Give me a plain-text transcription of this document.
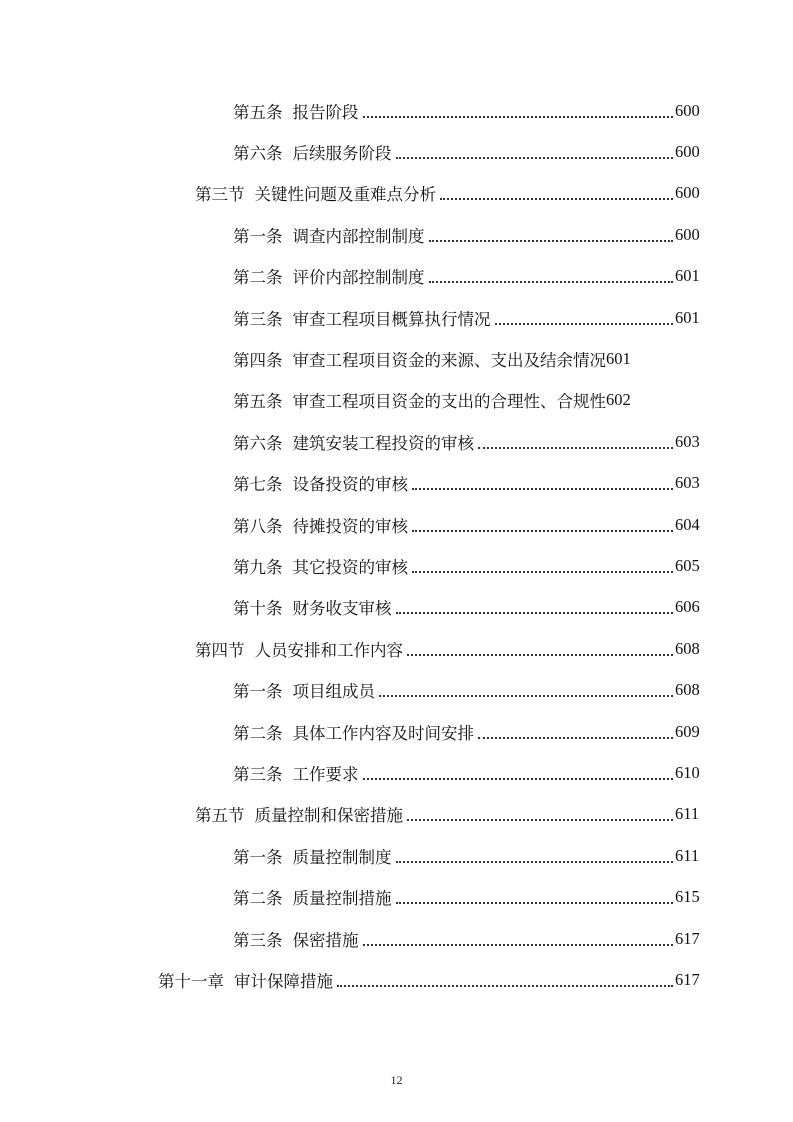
第五条 报告阶段	600
第六条 后续服务阶段	600
第三节 关键性问题及重难点分析	600
第一条 调查内部控制制度	600
第二条 评价内部控制制度	601
第三条 审查工程项目概算执行情况	601
第四条 审查工程项目资金的来源、支出及结余情况 601
第五条 审查工程项目资金的支出的合理性、合规性 602
第六条 建筑安装工程投资的审核	603
第七条 设备投资的审核	603
第八条 待摊投资的审核	604
第九条 其它投资的审核	605
第十条 财务收支审核	606
第四节 人员安排和工作内容	608
第一条 项目组成员	608
第二条 具体工作内容及时间安排	609
第三条 工作要求	610
第五节 质量控制和保密措施	611
第一条 质量控制制度	611
第二条 质量控制措施	615
第三条 保密措施	617
第十一章 审计保障措施	617
12
